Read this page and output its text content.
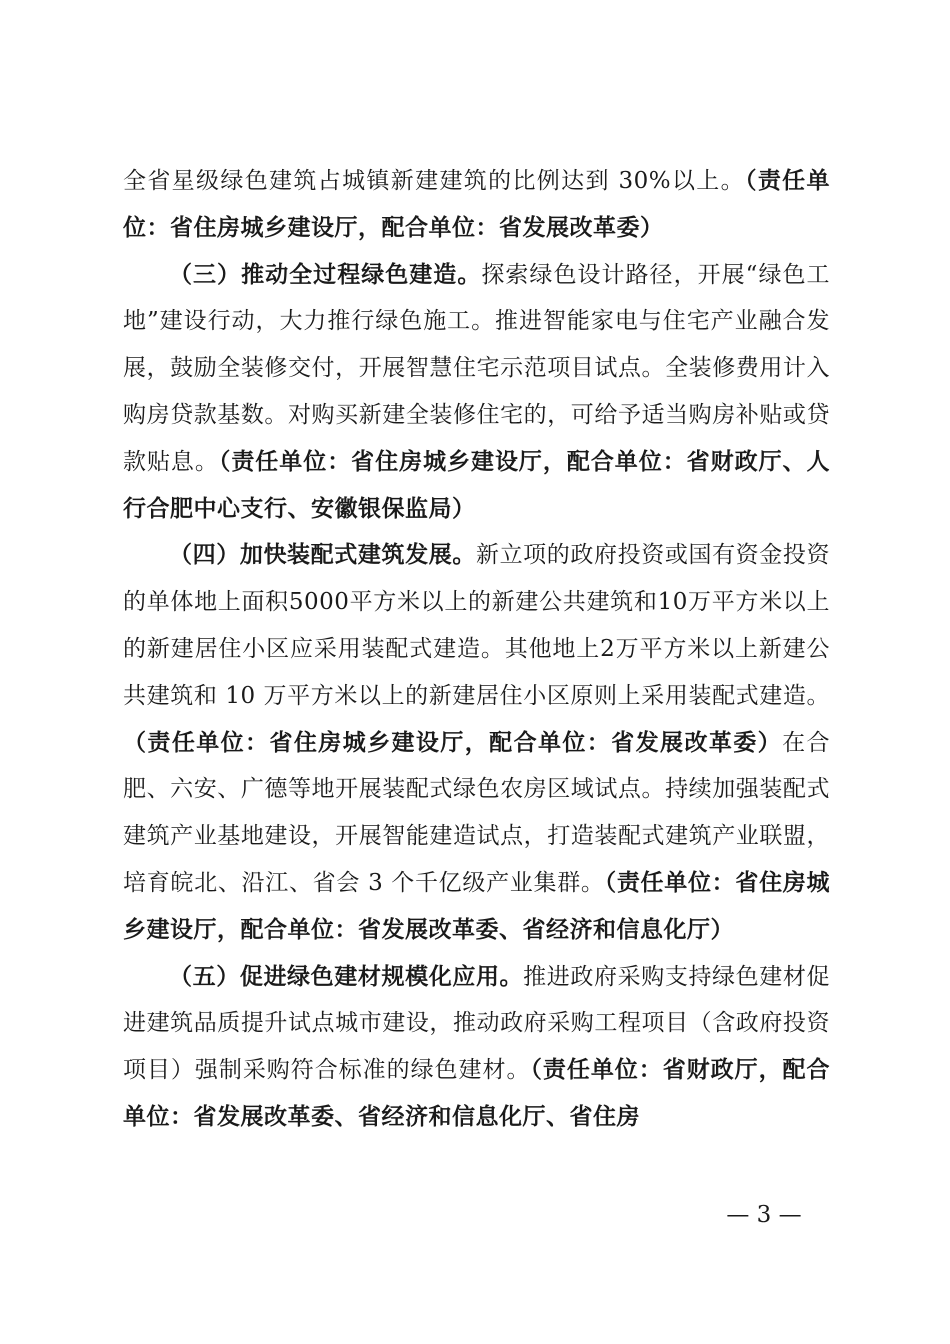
全省星级绿色建筑占城镇新建建筑的比例达到 30%以上。（责任单位：省住房城乡建设厅，配合单位：省发展改革委）

（三）推动全过程绿色建造。探索绿色设计路径，开展“绿色工地”建设行动，大力推行绿色施工。推进智能家电与住宅产业融合发展，鼓励全装修交付，开展智慧住宅示范项目试点。全装修费用计入购房贷款基数。对购买新建全装修住宅的，可给予适当购房补贴或贷款贴息。（责任单位：省住房城乡建设厅，配合单位：省财政厅、人行合肥中心支行、安徽银保监局）

（四）加快装配式建筑发展。新立项的政府投资或国有资金投资的单体地上面积5000平方米以上的新建公共建筑和10万平方米以上的新建居住小区应采用装配式建造。其他地上2万平方米以上新建公共建筑和 10 万平方米以上的新建居住小区原则上采用装配式建造。（责任单位：省住房城乡建设厅，配合单位：省发展改革委）在合肥、六安、广德等地开展装配式绿色农房区域试点。持续加强装配式建筑产业基地建设，开展智能建造试点，打造装配式建筑产业联盟，培育皖北、沿江、省会 3 个千亿级产业集群。（责任单位：省住房城乡建设厅，配合单位：省发展改革委、省经济和信息化厅）

（五）促进绿色建材规模化应用。推进政府采购支持绿色建材促进建筑品质提升试点城市建设，推动政府采购工程项目（含政府投资项目）强制采购符合标准的绿色建材。（责任单位：省财政厅，配合单位：省发展改革委、省经济和信息化厅、省住房

— 3 —
